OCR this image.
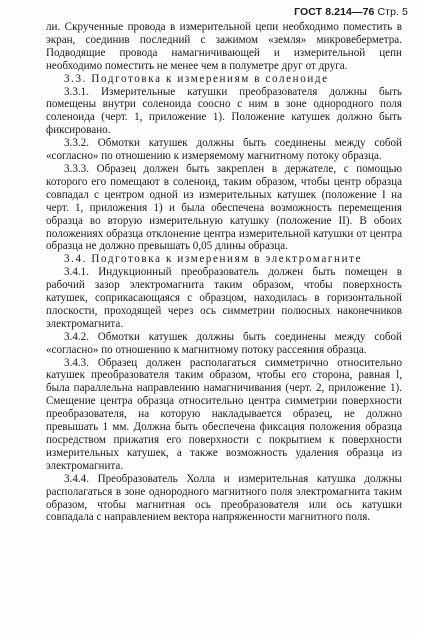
ГОСТ 8.214—76 Стр. 5

ли. Скрученные провода в измерительной цепи необходимо поместить в экран, соединив последний с зажимом «земля» микровеберметра. Подводящие провода намагничивающей и измерительной цепи необходимо поместить не менее чем в полуметре друг от друга.

3.3. Подготовка к измерениям в соленоиде

3.3.1. Измерительные катушки преобразователя должны быть помещены внутри соленоида соосно с ним в зоне однородного поля соленоида (черт. 1, приложение 1). Положение катушек должно быть фиксировано.

3.3.2. Обмотки катушек должны быть соединены между собой «согласно» по отношению к измеряемому магнитному потоку образца.

3.3.3. Образец должен быть закреплен в держателе, с помощью которого его помещают в соленоид, таким образом, чтобы центр образца совпадал с центром одной из измерительных катушек (положение I на черт. 1, приложения 1) и была обеспечена возможность перемещения образца во вторую измерительную катушку (положение II). В обоих положениях образца отклонение центра измерительной катушки от центра образца не должно превышать 0,05 длины образца.

3.4. Подготовка к измерениям в электромагните

3.4.1. Индукционный преобразователь должен быть помещен в рабочий зазор электромагнита таким образом, чтобы поверхность катушек, соприкасающаяся с образцом, находилась в горизонтальной плоскости, проходящей через ось симметрии полюсных наконечников электромагнита.

3.4.2. Обмотки катушек должны быть соединены между собой «согласно» по отношению к магнитному потоку рассеяния образца.

3.4.3. Образец должен располагаться симметрично относительно катушек преобразователя таким образом, чтобы его сторона, равная l, была параллельна направлению намагничивания (черт. 2, приложение 1). Смещение центра образца относительно центра симметрии поверхности преобразователя, на которую накладывается образец, не должно превышать 1 мм. Должна быть обеспечена фиксация положения образца посредством прижатия его поверхности с покрытием к поверхности измерительных катушек, а также возможность удаления образца из электромагнита.

3.4.4. Преобразователь Холла и измерительная катушка должны располагаться в зоне однородного магнитного поля электромагнита таким образом, чтобы магнитная ось преобразователя или ось катушки совпадала с направлением вектора напряженности магнитного поля.
